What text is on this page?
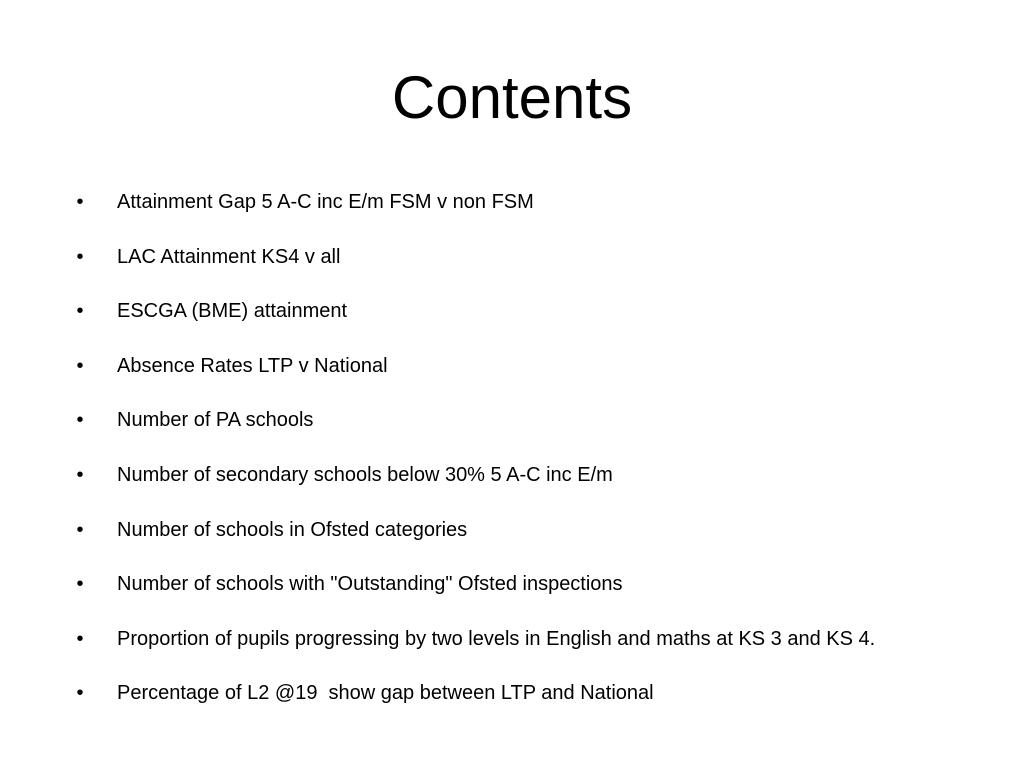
Contents
• Attainment Gap 5 A-C inc E/m FSM v non FSM
• LAC Attainment KS4 v all
• ESCGA (BME) attainment
• Absence Rates LTP v National
• Number of PA schools
• Number of secondary schools below 30% 5 A-C inc E/m
• Number of schools in Ofsted categories
• Number of schools with "Outstanding" Ofsted inspections
• Proportion of pupils progressing by two levels in English and maths at KS 3 and KS 4.
• Percentage of L2 @19  show gap between LTP and National
